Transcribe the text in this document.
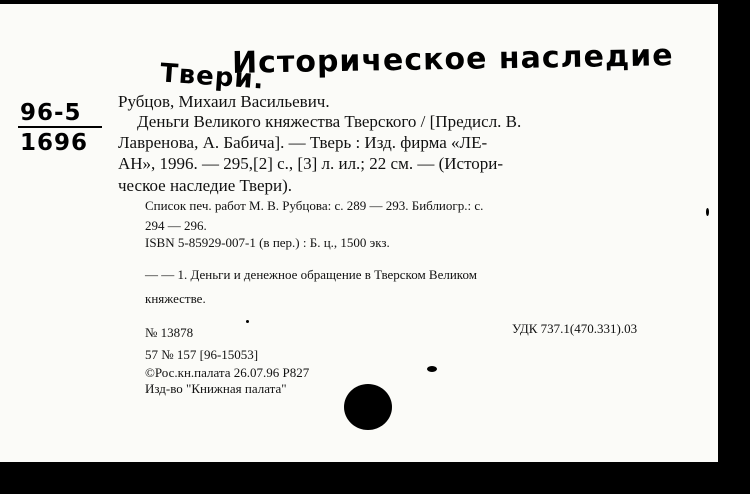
Историческое наследие
Твери.
96-5
1696
Рубцов, Михаил Васильевич.
Деньги Великого княжества Тверского / [Предисл. В.
Лавренова, А. Бабича]. — Тверь : Изд. фирма «ЛЕ-
АН», 1996. — 295,[2] с., [3] л. ил.; 22 см. — (Истори-
ческое наследие Твери).
Список печ. работ М. В. Рубцова: с. 289 — 293. Библиогр.: с.
294 — 296.
ISBN 5-85929-007-1 (в пер.) : Б. ц., 1500 экз.
— — 1. Деньги и денежное обращение в Тверском Великом
княжестве.
№ 13878	УДК 737.1(470.331).03
57 № 157 [96-15053]
©Рос.кн.палата 26.07.96 Р827
Изд-во "Книжная палата"
